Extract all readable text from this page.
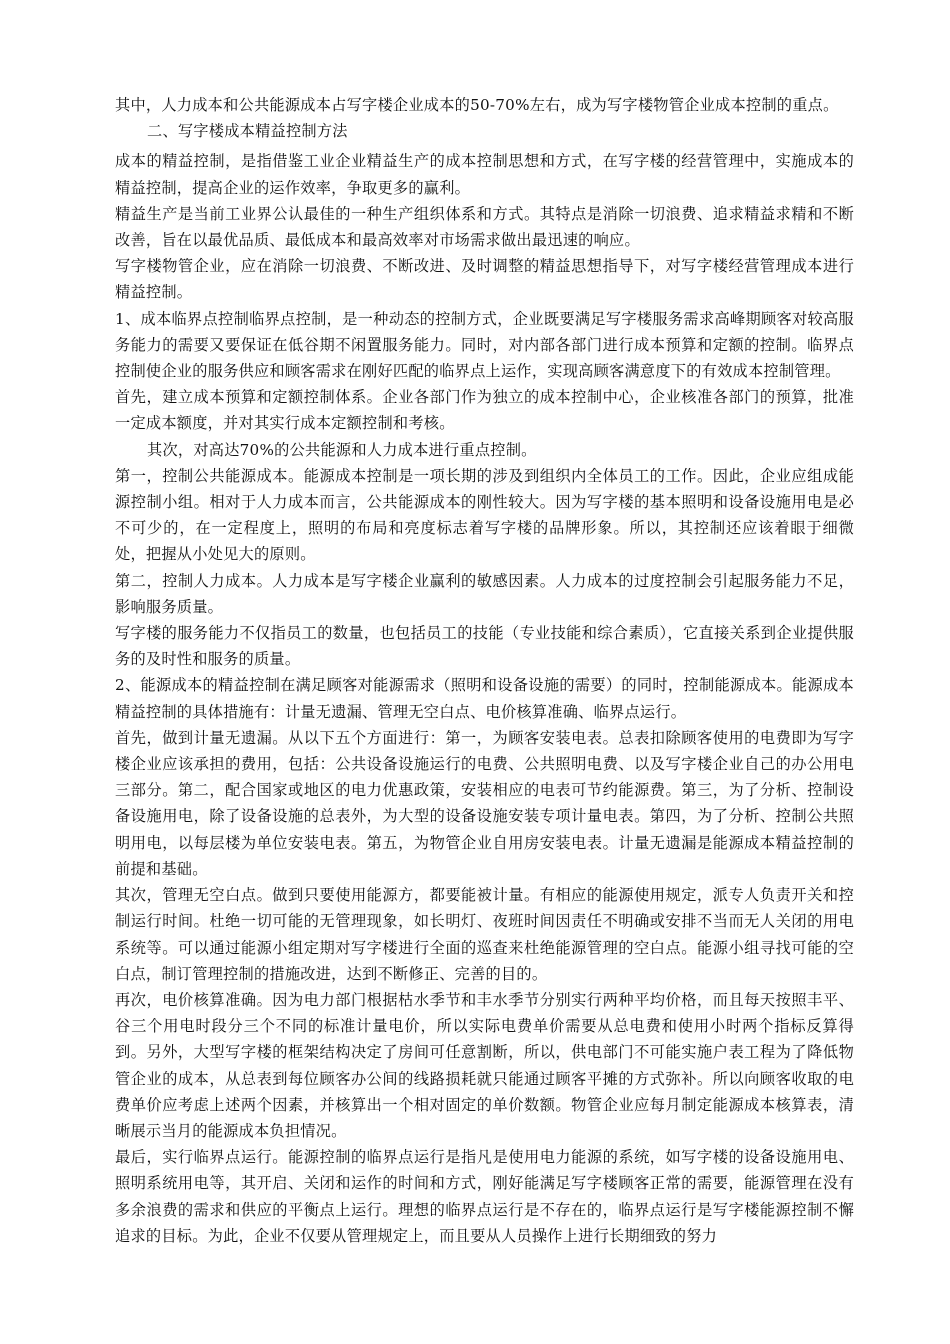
其中，人力成本和公共能源成本占写字楼企业成本的50-70%左右，成为写字楼物管企业成本控制的重点。

二、写字楼成本精益控制方法

成本的精益控制，是指借鉴工业企业精益生产的成本控制思想和方式，在写字楼的经营管理中，实施成本的精益控制，提高企业的运作效率，争取更多的赢利。

精益生产是当前工业界公认最佳的一种生产组织体系和方式。其特点是消除一切浪费、追求精益求精和不断改善，旨在以最优品质、最低成本和最高效率对市场需求做出最迅速的响应。

写字楼物管企业，应在消除一切浪费、不断改进、及时调整的精益思想指导下，对写字楼经营管理成本进行精益控制。

1、成本临界点控制临界点控制，是一种动态的控制方式，企业既要满足写字楼服务需求高峰期顾客对较高服务能力的需要又要保证在低谷期不闲置服务能力。同时，对内部各部门进行成本预算和定额的控制。临界点控制使企业的服务供应和顾客需求在刚好匹配的临界点上运作，实现高顾客满意度下的有效成本控制管理。

首先，建立成本预算和定额控制体系。企业各部门作为独立的成本控制中心，企业核准各部门的预算，批准一定成本额度，并对其实行成本定额控制和考核。

其次，对高达70%的公共能源和人力成本进行重点控制。

第一，控制公共能源成本。能源成本控制是一项长期的涉及到组织内全体员工的工作。因此，企业应组成能源控制小组。相对于人力成本而言，公共能源成本的刚性较大。因为写字楼的基本照明和设备设施用电是必不可少的，在一定程度上，照明的布局和亮度标志着写字楼的品牌形象。所以，其控制还应该着眼于细微处，把握从小处见大的原则。

第二，控制人力成本。人力成本是写字楼企业赢利的敏感因素。人力成本的过度控制会引起服务能力不足，影响服务质量。

写字楼的服务能力不仅指员工的数量，也包括员工的技能（专业技能和综合素质），它直接关系到企业提供服务的及时性和服务的质量。

2、能源成本的精益控制在满足顾客对能源需求（照明和设备设施的需要）的同时，控制能源成本。能源成本精益控制的具体措施有：计量无遗漏、管理无空白点、电价核算准确、临界点运行。

首先，做到计量无遗漏。从以下五个方面进行：第一，为顾客安装电表。总表扣除顾客使用的电费即为写字楼企业应该承担的费用，包括：公共设备设施运行的电费、公共照明电费、以及写字楼企业自己的办公用电三部分。第二，配合国家或地区的电力优惠政策，安装相应的电表可节约能源费。第三，为了分析、控制设备设施用电，除了设备设施的总表外，为大型的设备设施安装专项计量电表。第四，为了分析、控制公共照明用电，以每层楼为单位安装电表。第五，为物管企业自用房安装电表。计量无遗漏是能源成本精益控制的前提和基础。

其次，管理无空白点。做到只要使用能源方，都要能被计量。有相应的能源使用规定，派专人负责开关和控制运行时间。杜绝一切可能的无管理现象，如长明灯、夜班时间因责任不明确或安排不当而无人关闭的用电系统等。可以通过能源小组定期对写字楼进行全面的巡查来杜绝能源管理的空白点。能源小组寻找可能的空白点，制订管理控制的措施改进，达到不断修正、完善的目的。

再次，电价核算准确。因为电力部门根据枯水季节和丰水季节分别实行两种平均价格，而且每天按照丰平、谷三个用电时段分三个不同的标准计量电价，所以实际电费单价需要从总电费和使用小时两个指标反算得到。另外，大型写字楼的框架结构决定了房间可任意割断，所以，供电部门不可能实施户表工程为了降低物管企业的成本，从总表到每位顾客办公间的线路损耗就只能通过顾客平摊的方式弥补。所以向顾客收取的电费单价应考虑上述两个因素，并核算出一个相对固定的单价数额。物管企业应每月制定能源成本核算表，清晰展示当月的能源成本负担情况。

最后，实行临界点运行。能源控制的临界点运行是指凡是使用电力能源的系统，如写字楼的设备设施用电、照明系统用电等，其开启、关闭和运作的时间和方式，刚好能满足写字楼顾客正常的需要，能源管理在没有多余浪费的需求和供应的平衡点上运行。理想的临界点运行是不存在的，临界点运行是写字楼能源控制不懈追求的目标。为此，企业不仅要从管理规定上，而且要从人员操作上进行长期细致的努力
